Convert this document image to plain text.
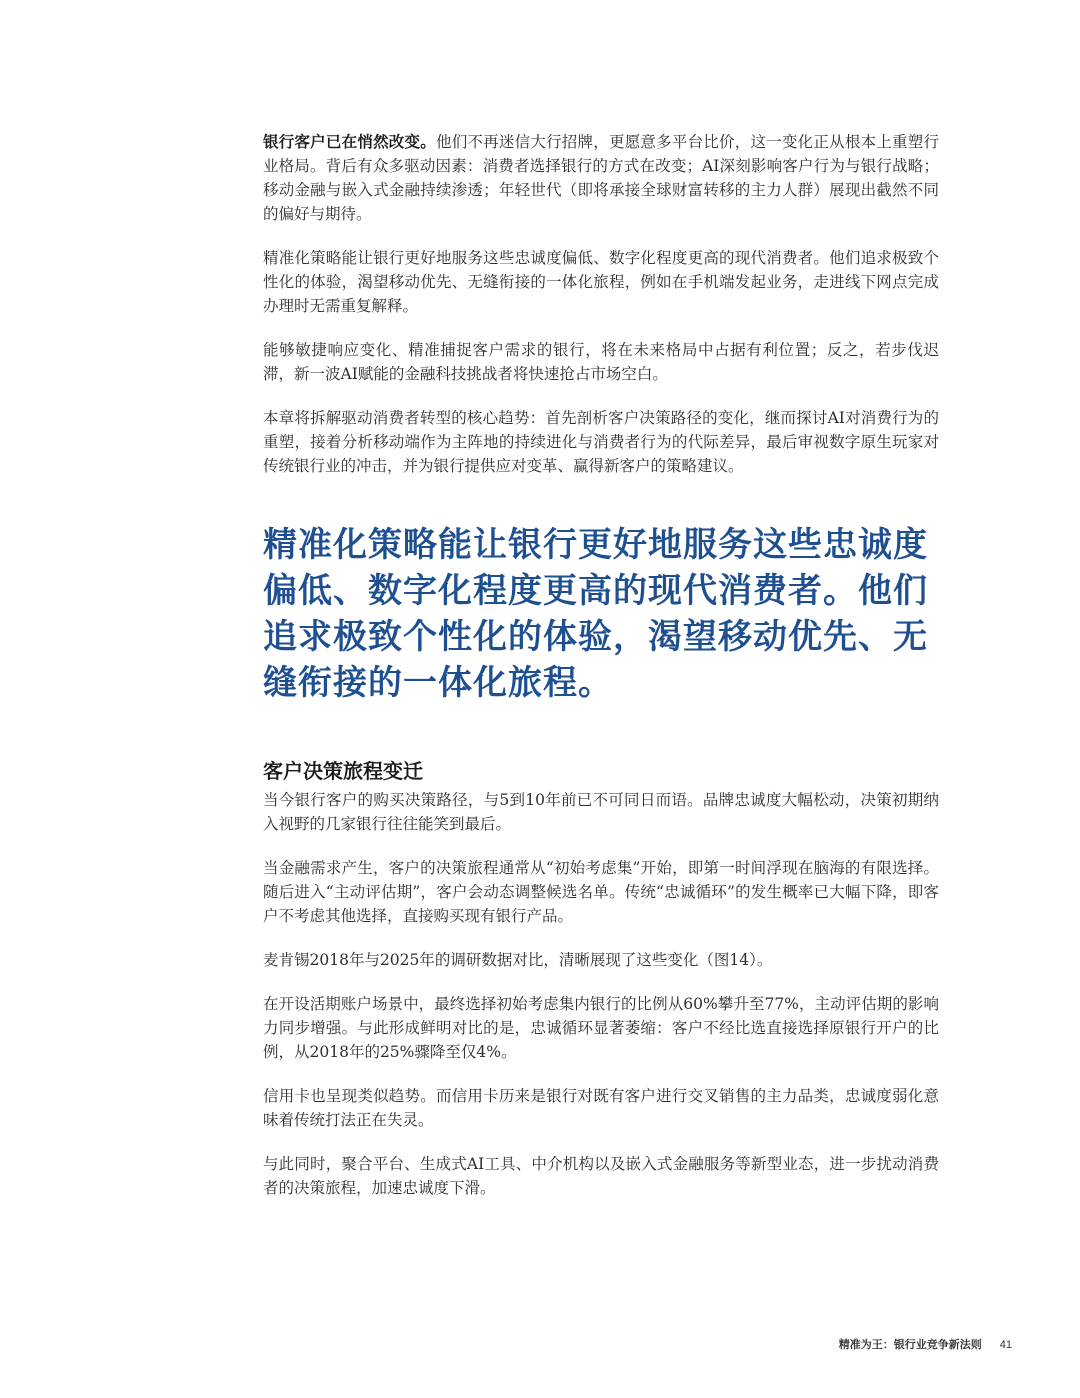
银行客户已在悄然改变。他们不再迷信大行招牌，更愿意多平台比价，这一变化正从根本上重塑行业格局。背后有众多驱动因素：消费者选择银行的方式在改变；AI深刻影响客户行为与银行战略；移动金融与嵌入式金融持续渗透；年轻世代（即将承接全球财富转移的主力人群）展现出截然不同的偏好与期待。

精准化策略能让银行更好地服务这些忠诚度偏低、数字化程度更高的现代消费者。他们追求极致个性化的体验，渴望移动优先、无缝衔接的一体化旅程，例如在手机端发起业务，走进线下网点完成办理时无需重复解释。

能够敏捷响应变化、精准捕捉客户需求的银行，将在未来格局中占据有利位置；反之，若步伐迟滞，新一波AI赋能的金融科技挑战者将快速抢占市场空白。

本章将拆解驱动消费者转型的核心趋势：首先剖析客户决策路径的变化，继而探讨AI对消费行为的重塑，接着分析移动端作为主阵地的持续进化与消费者行为的代际差异，最后审视数字原生玩家对传统银行业的冲击，并为银行提供应对变革、赢得新客户的策略建议。

精准化策略能让银行更好地服务这些忠诚度偏低、数字化程度更高的现代消费者。他们追求极致个性化的体验，渴望移动优先、无缝衔接的一体化旅程。
客户决策旅程变迁

当今银行客户的购买决策路径，与5到10年前已不可同日而语。品牌忠诚度大幅松动，决策初期纳入视野的几家银行往往能笑到最后。

当金融需求产生，客户的决策旅程通常从“初始考虑集”开始，即第一时间浮现在脑海的有限选择。随后进入“主动评估期”，客户会动态调整候选名单。传统“忠诚循环”的发生概率已大幅下降，即客户不考虑其他选择，直接购买现有银行产品。

麦肯锡2018年与2025年的调研数据对比，清晰展现了这些变化（图14）。

在开设活期账户场景中，最终选择初始考虑集内银行的比例从60%攀升至77%，主动评估期的影响力同步增强。与此形成鲜明对比的是，忠诚循环显著萎缩：客户不经比选直接选择原银行开户的比例，从2018年的25%骤降至仅4%。

信用卡也呈现类似趋势。而信用卡历来是银行对既有客户进行交叉销售的主力品类，忠诚度弱化意味着传统打法正在失灵。

与此同时，聚合平台、生成式AI工具、中介机构以及嵌入式金融服务等新型业态，进一步扰动消费者的决策旅程，加速忠诚度下滑。

精准为王：银行业竞争新法则 41
